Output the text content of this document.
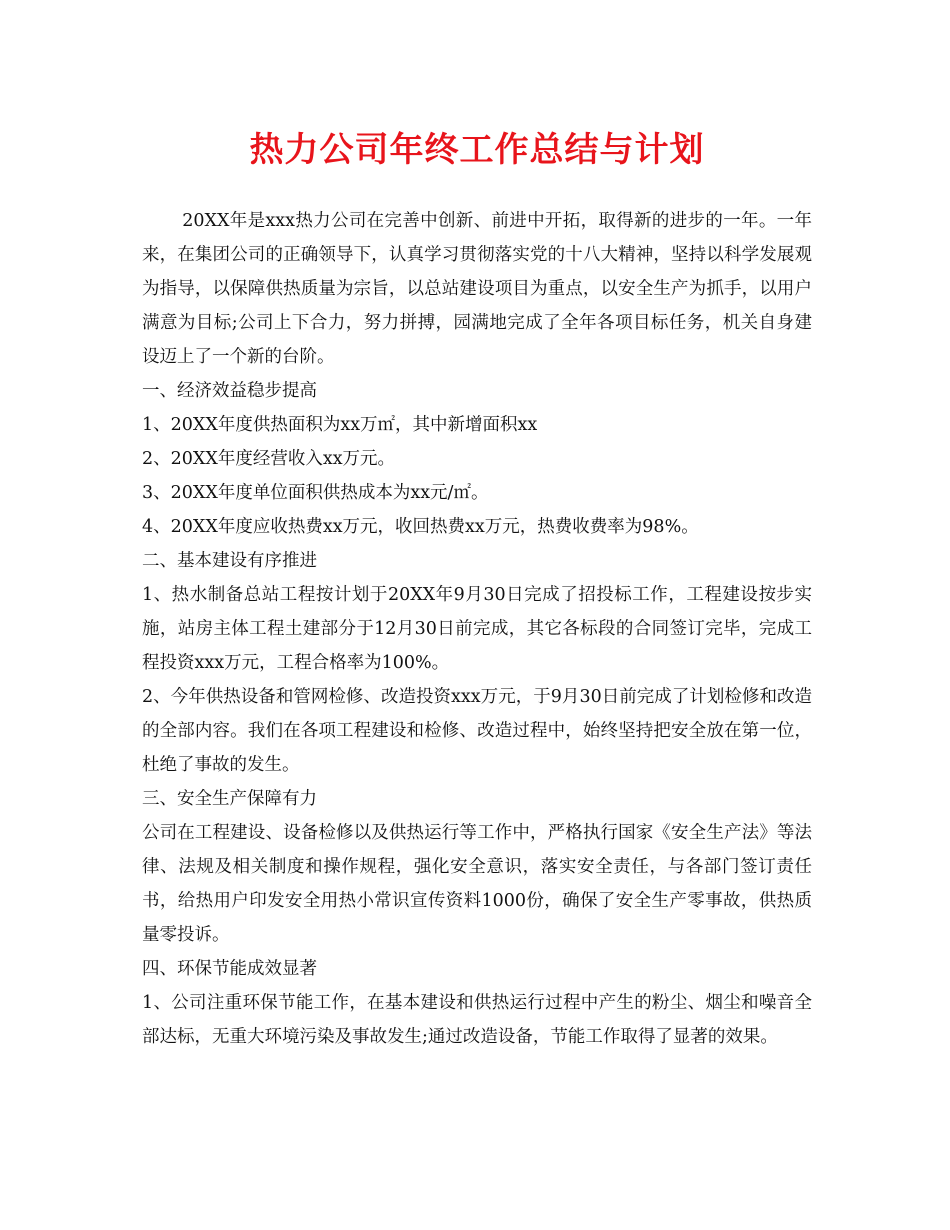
热力公司年终工作总结与计划

20XX年是xxx热力公司在完善中创新、前进中开拓，取得新的进步的一年。一年来，在集团公司的正确领导下，认真学习贯彻落实党的十八大精神，坚持以科学发展观为指导，以保障供热质量为宗旨，以总站建设项目为重点，以安全生产为抓手，以用户满意为目标;公司上下合力，努力拼搏，园满地完成了全年各项目标任务，机关自身建设迈上了一个新的台阶。

一、经济效益稳步提高

1、20XX年度供热面积为xx万㎡，其中新增面积xx

2、20XX年度经营收入xx万元。

3、20XX年度单位面积供热成本为xx元/㎡。

4、20XX年度应收热费xx万元，收回热费xx万元，热费收费率为98%。

二、基本建设有序推进

1、热水制备总站工程按计划于20XX年9月30日完成了招投标工作，工程建设按步实施，站房主体工程土建部分于12月30日前完成，其它各标段的合同签订完毕，完成工程投资xxx万元，工程合格率为100%。

2、今年供热设备和管网检修、改造投资xxx万元，于9月30日前完成了计划检修和改造的全部内容。我们在各项工程建设和检修、改造过程中，始终坚持把安全放在第一位，杜绝了事故的发生。

三、安全生产保障有力

公司在工程建设、设备检修以及供热运行等工作中，严格执行国家《安全生产法》等法律、法规及相关制度和操作规程，强化安全意识，落实安全责任，与各部门签订责任书，给热用户印发安全用热小常识宣传资料1000份，确保了安全生产零事故，供热质量零投诉。

四、环保节能成效显著

1、公司注重环保节能工作，在基本建设和供热运行过程中产生的粉尘、烟尘和噪音全部达标，无重大环境污染及事故发生;通过改造设备，节能工作取得了显著的效果。
